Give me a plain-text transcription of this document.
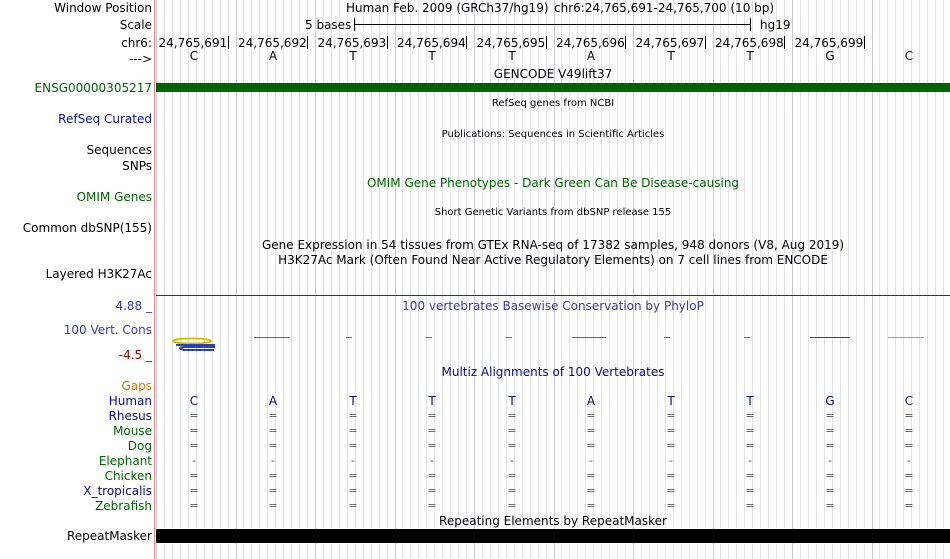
Window Position
Scale
chr6:
--->
Human Feb. 2009 (GRCh37/hg19) chr6:24,765,691-24,765,700 (10 bp)
5 bases	hg19
24,765,691 24,765,692 24,765,693 24,765,694 24,765,695 24,765,696 24,765,697 24,765,698 24,765,699
C	A	T	T	T	A	T	T	G	C
GENCODE V49lift37
ENSG00000305217
RefSeq genes from NCBI
RefSeq Curated
Publications: Sequences in Scientific Articles
Sequences
SNPs
OMIM Gene Phenotypes - Dark Green Can Be Disease-causing
OMIM Genes
Short Genetic Variants from dbSNP release 155
Common dbSNP(155)
Gene Expression in 54 tissues from GTEx RNA-seq of 17382 samples, 948 donors (V8, Aug 2019)
H3K27Ac Mark (Often Found Near Active Regulatory Elements) on 7 cell lines from ENCODE
Layered H3K27Ac
100 vertebrates Basewise Conservation by PhyloP
4.88 _
100 Vert. Cons
-4.5 _
Multiz Alignments of 100 Vertebrates
Gaps
Human	C	A	T	T	T	A	T	T	G	C
Rhesus	=	=	=	=	=	=	=	=	=	=
Mouse	=	=	=	=	=	=	=	=	=	=
Dog	=	=	=	=	=	=	=	=	=	=
Elephant	-	-	-	-	-	-	-	-	-	-
Chicken	=	=	=	=	=	=	=	=	=	=
X_tropicalis	=	=	=	=	=	=	=	=	=	=
Zebrafish	=	=	=	=	=	=	=	=	=	=
Repeating Elements by RepeatMasker
RepeatMasker
